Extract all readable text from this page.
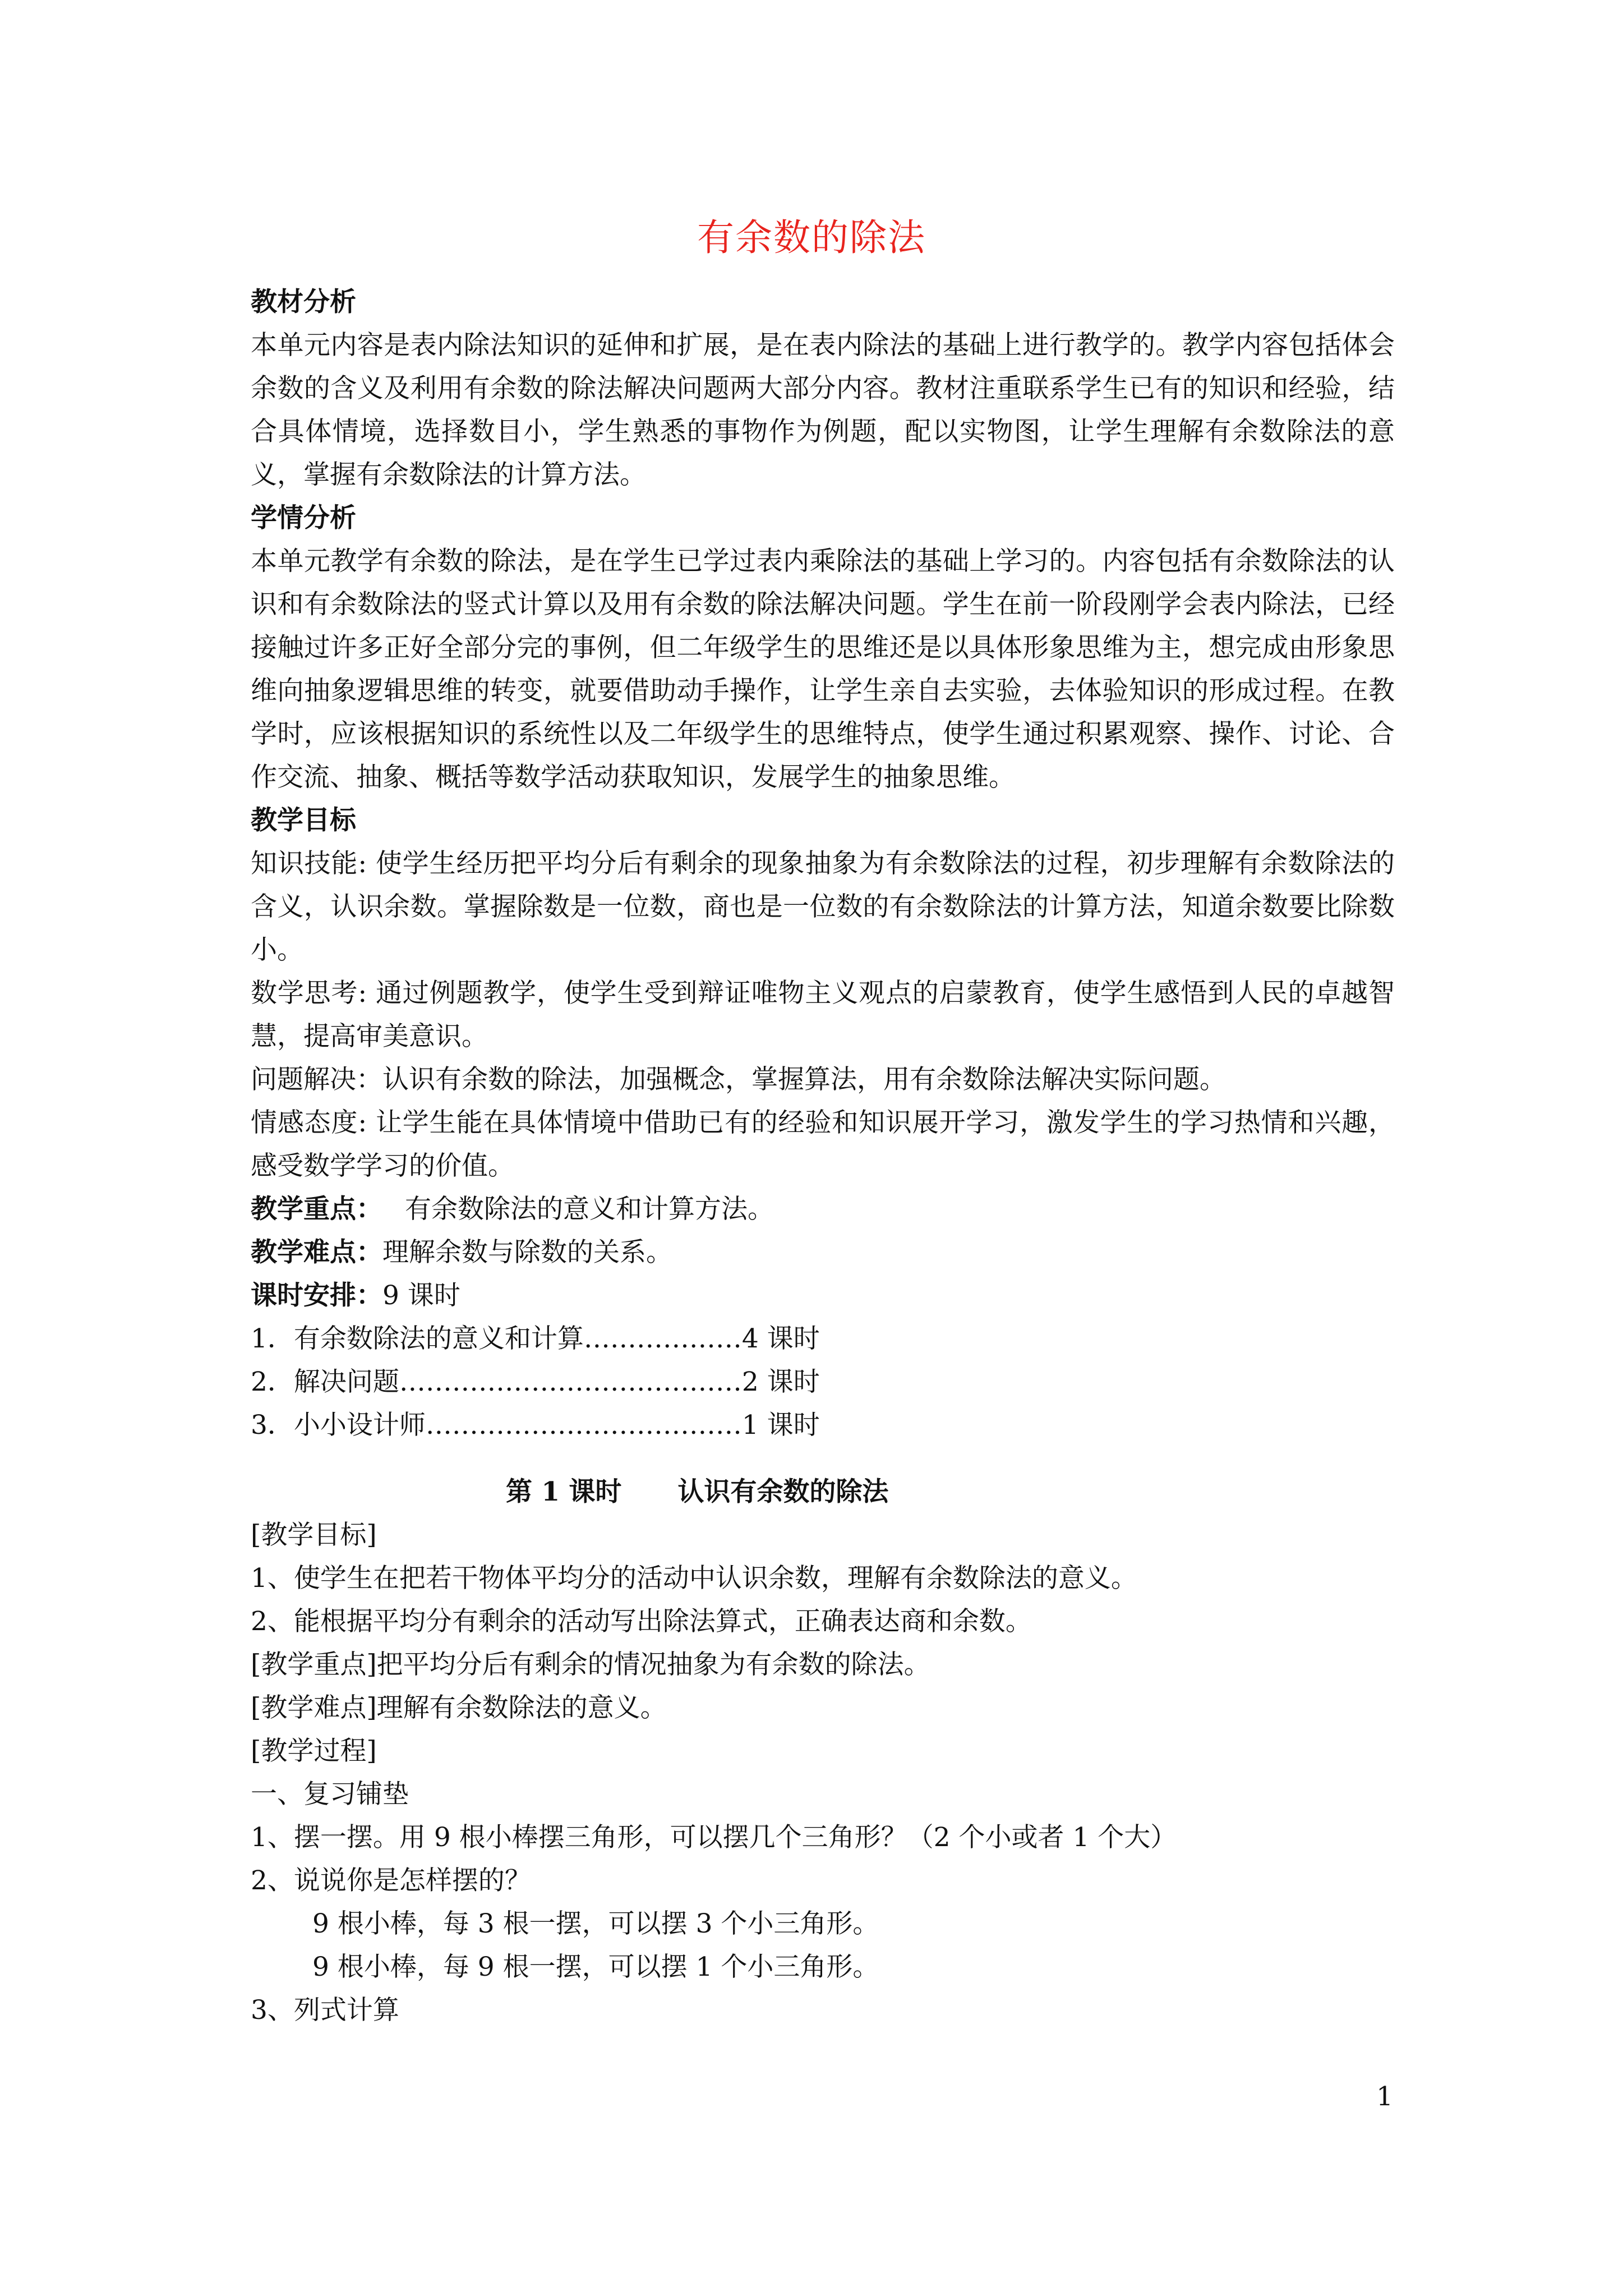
有余数的除法

教材分析

本单元内容是表内除法知识的延伸和扩展，是在表内除法的基础上进行教学的。教学内容包括体会余数的含义及利用有余数的除法解决问题两大部分内容。教材注重联系学生已有的知识和经验，结合具体情境，选择数目小，学生熟悉的事物作为例题，配以实物图，让学生理解有余数除法的意义，掌握有余数除法的计算方法。

学情分析

本单元教学有余数的除法，是在学生已学过表内乘除法的基础上学习的。内容包括有余数除法的认识和有余数除法的竖式计算以及用有余数的除法解决问题。学生在前一阶段刚学会表内除法，已经接触过许多正好全部分完的事例，但二年级学生的思维还是以具体形象思维为主，想完成由形象思维向抽象逻辑思维的转变，就要借助动手操作，让学生亲自去实验，去体验知识的形成过程。在教学时，应该根据知识的系统性以及二年级学生的思维特点，使学生通过积累观察、操作、讨论、合作交流、抽象、概括等数学活动获取知识，发展学生的抽象思维。

教学目标

知识技能: 使学生经历把平均分后有剩余的现象抽象为有余数除法的过程，初步理解有余数除法的含义，认识余数。掌握除数是一位数，商也是一位数的有余数除法的计算方法，知道余数要比除数小。

数学思考: 通过例题教学，使学生受到辩证唯物主义观点的启蒙教育，使学生感悟到人民的卓越智慧，提高审美意识。

问题解决：认识有余数的除法，加强概念，掌握算法，用有余数除法解决实际问题。

情感态度: 让学生能在具体情境中借助已有的经验和知识展开学习，激发学生的学习热情和兴趣，感受数学学习的价值。

教学重点： 有余数除法的意义和计算方法。

教学难点：理解余数与除数的关系。

课时安排：9 课时

1．有余数除法的意义和计算………………4 课时

2．解决问题…………………………………2 课时

3．小小设计师………………………………1 课时

第 1 课时 认识有余数的除法

[教学目标]

1、使学生在把若干物体平均分的活动中认识余数，理解有余数除法的意义。

2、能根据平均分有剩余的活动写出除法算式，正确表达商和余数。

[教学重点]把平均分后有剩余的情况抽象为有余数的除法。

[教学难点]理解有余数除法的意义。

[教学过程]

一、复习铺垫

1、摆一摆。用 9 根小棒摆三角形，可以摆几个三角形？（2 个小或者 1 个大）

2、说说你是怎样摆的？

9 根小棒，每 3 根一摆，可以摆 3 个小三角形。

9 根小棒，每 9 根一摆，可以摆 1 个小三角形。

3、列式计算

1
